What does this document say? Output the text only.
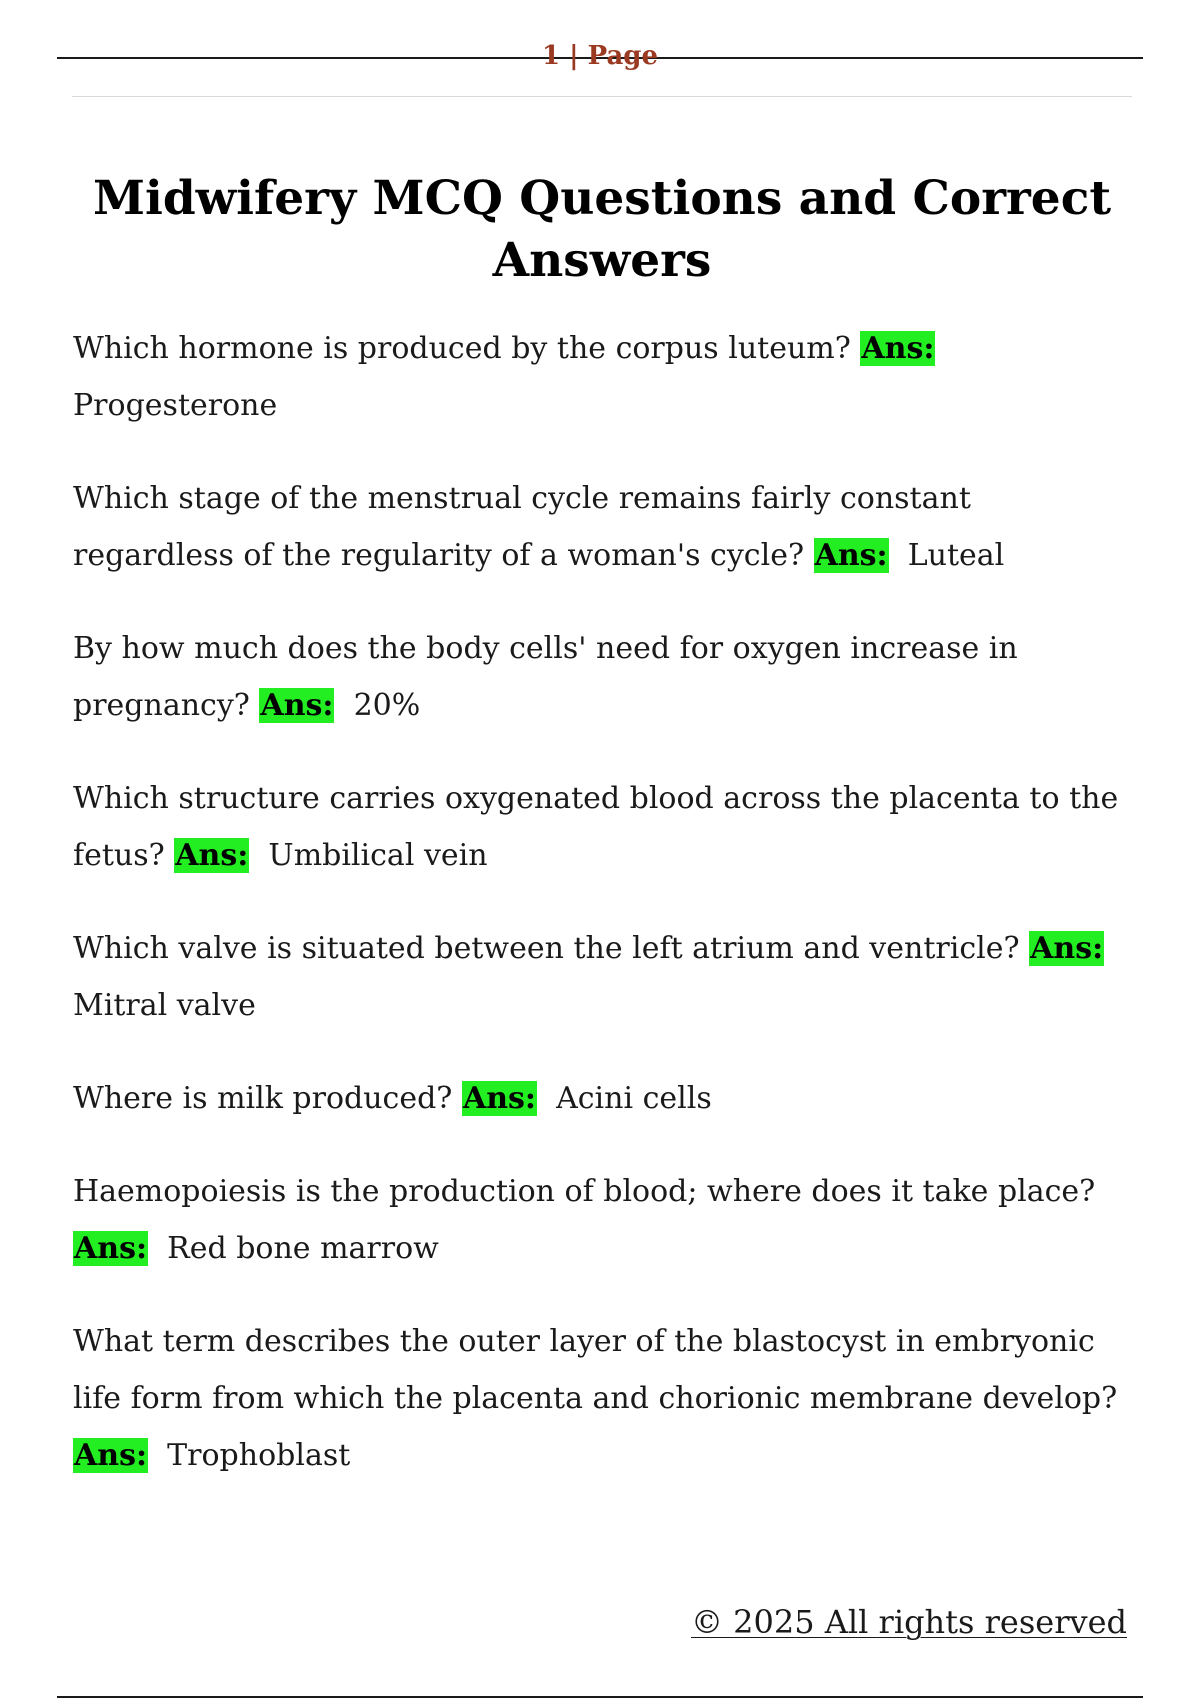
1 | Page
Midwifery MCQ Questions and Correct Answers

Which hormone is produced by the corpus luteum? Ans: Progesterone

Which stage of the menstrual cycle remains fairly constant regardless of the regularity of a woman's cycle? Ans: Luteal

By how much does the body cells' need for oxygen increase in pregnancy? Ans: 20%

Which structure carries oxygenated blood across the placenta to the fetus? Ans: Umbilical vein

Which valve is situated between the left atrium and ventricle? Ans: Mitral valve

Where is milk produced? Ans: Acini cells

Haemopoiesis is the production of blood; where does it take place? Ans: Red bone marrow

What term describes the outer layer of the blastocyst in embryonic life form from which the placenta and chorionic membrane develop? Ans: Trophoblast

© 2025 All rights reserved
